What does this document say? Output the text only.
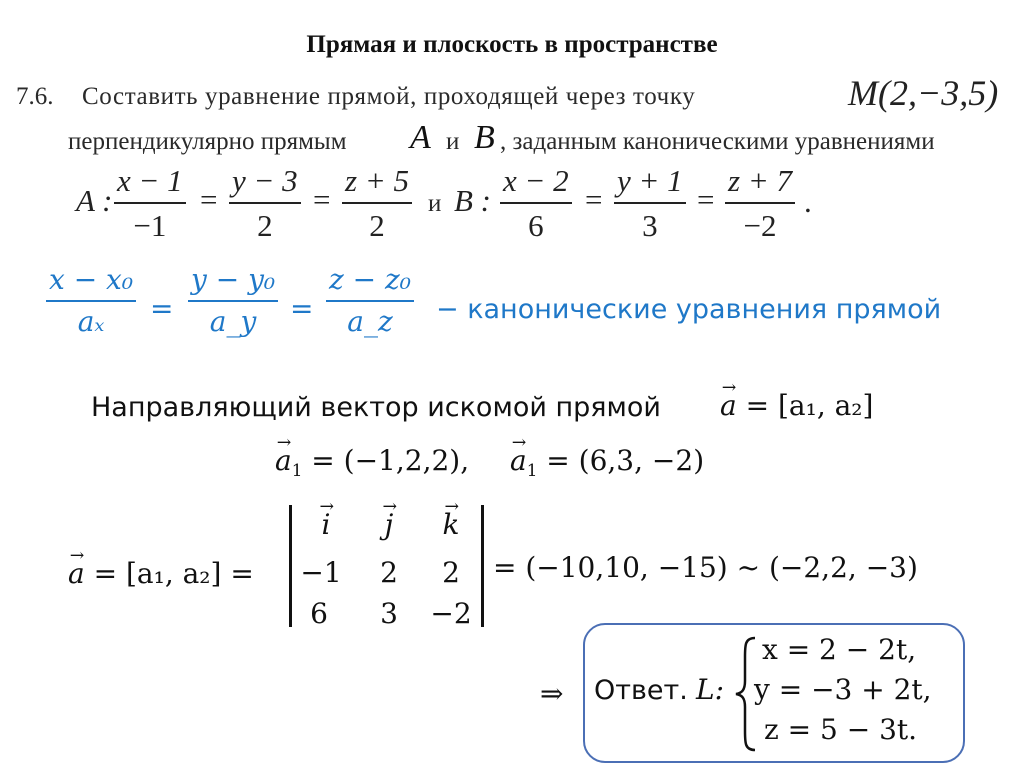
Прямая и плоскость в пространстве
7.6. Составить уравнение прямой, проходящей через точку	M(2,−3,5)
перпендикулярно прямым A и B , заданным каноническими уравнениями
A :
x − 1
−1
=
y − 3
2
=
z + 5
2
и B :
x − 2
6
=
y + 1
3
=
z + 7
−2
.
x − x₀
aₓ =
y − y₀
a_y =
z − z₀
a_z − канонические уравнения прямой
Направляющий вектор искомой прямой → a = [a₁, a₂]
→ $a_1 = (-1,2,2)$, → $a_1 = (6,3$, −2)
→ a = [a₁, a₂] =
→ i	→ j	→ k
−1 2 2
6 3 −2
= (−10,10, −15) ~ (−2,2, −3)
⇒ Ответ. L:
x = 2 − 2t,
y = −3 + 2t,
z = 5 − 3t.
